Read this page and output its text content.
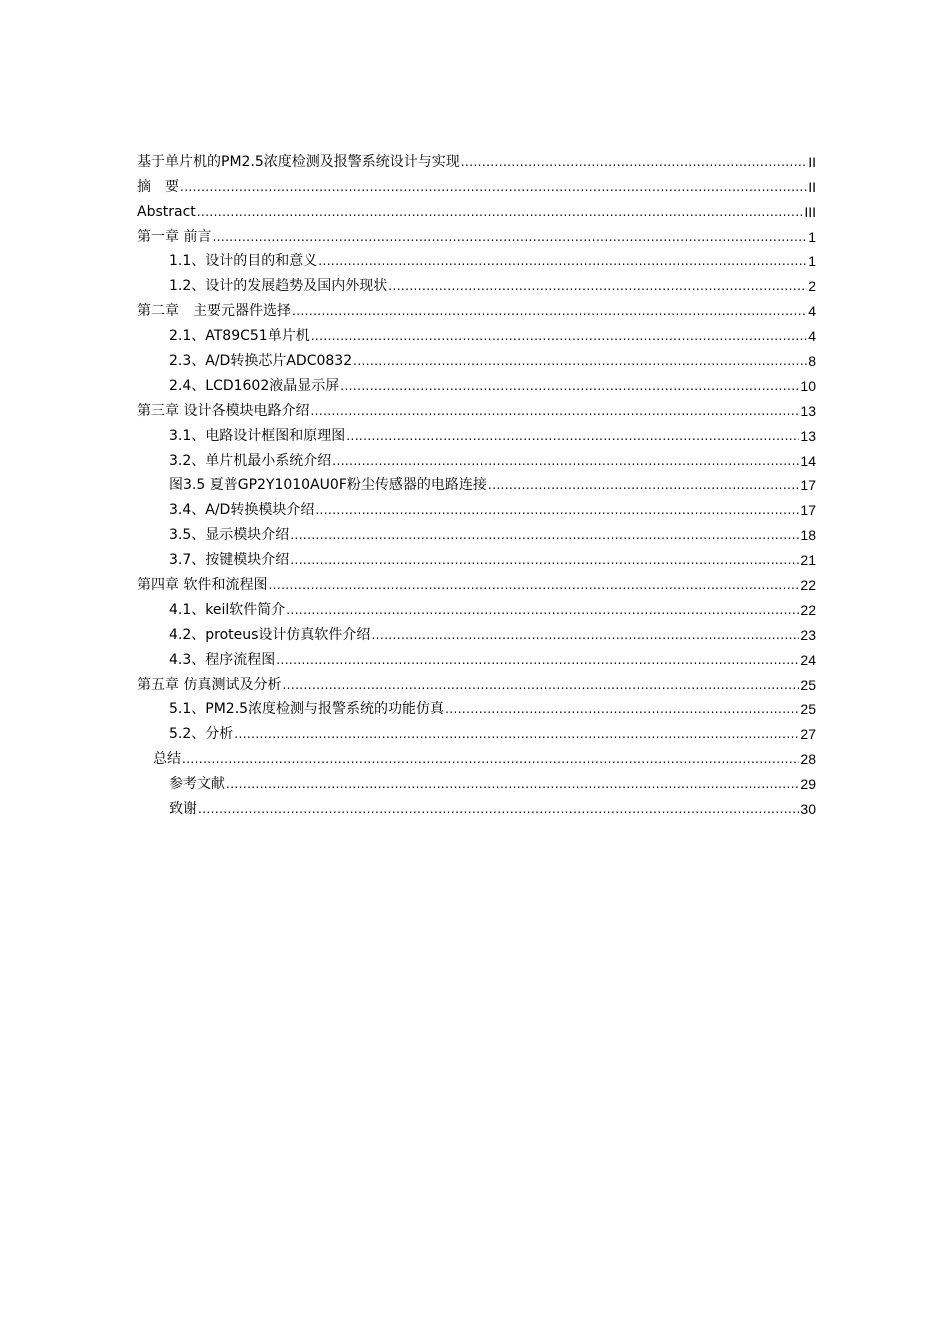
基于单片机的PM2.5浓度检测及报警系统设计与实现 .....	II
摘　要 .....	II
Abstract .....	III
第一章 前言 .....	1
1.1、设计的目的和意义 .....	1
1.2、设计的发展趋势及国内外现状 .....	2
第二章　主要元器件选择 .....	4
2.1、AT89C51单片机 .....	4
2.3、A/D转换芯片ADC0832 .....	8
2.4、LCD1602液晶显示屏 .....	10
第三章 设计各模块电路介绍 .....	13
3.1、电路设计框图和原理图 .....	13
3.2、单片机最小系统介绍 .....	14
图3.5 夏普GP2Y1010AU0F粉尘传感器的电路连接 .....	17
3.4、A/D转换模块介绍 .....	17
3.5、显示模块介绍 .....	18
3.7、按键模块介绍 .....	21
第四章 软件和流程图 .....	22
4.1、keil软件简介 .....	22
4.2、proteus设计仿真软件介绍 .....	23
4.3、程序流程图 .....	24
第五章 仿真测试及分析 .....	25
5.1、PM2.5浓度检测与报警系统的功能仿真 .....	25
5.2、分析 .....	27
总结 .....	28
参考文献 .....	29
致谢 .....	30
